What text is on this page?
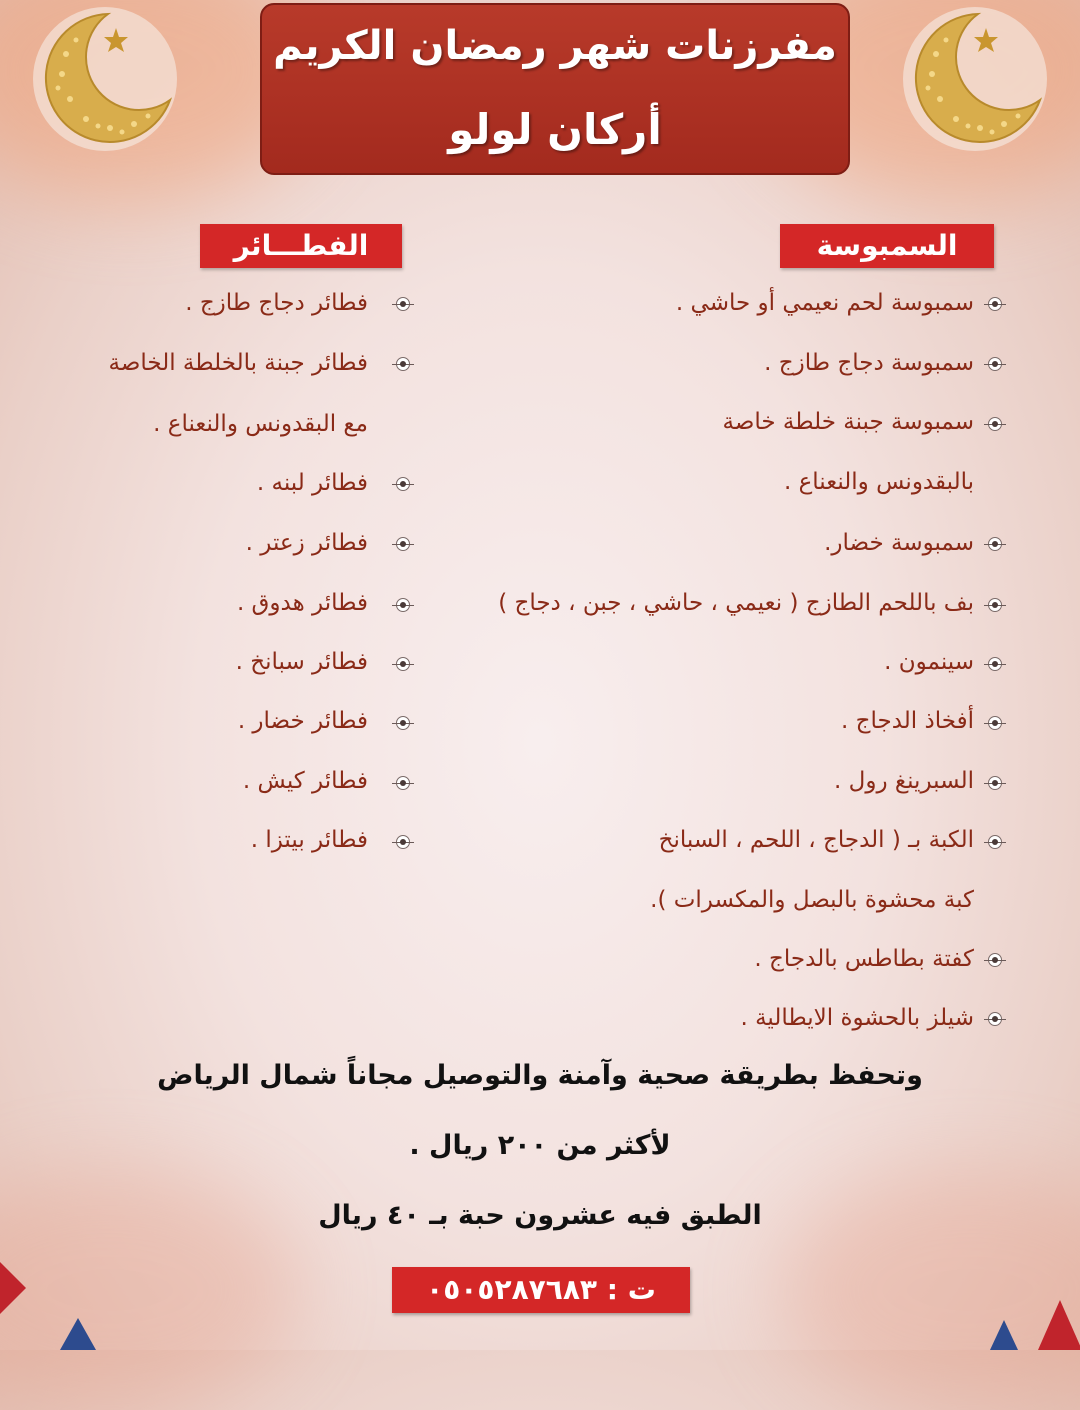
مفرزنات شهر رمضان الكريم
أركان لولو
السمبوسة
الفطـــائر
سمبوسة لحم نعيمي أو حاشي .
سمبوسة دجاج طازج .
سمبوسة جبنة خلطة خاصة
بالبقدونس والنعناع .
سمبوسة خضار.
بف باللحم الطازج ( نعيمي ، حاشي ، جبن ، دجاج )
سينمون .
أفخاذ الدجاج .
السبرينغ رول .
الكبة بـ ( الدجاج ، اللحم ، السبانخ
كبة محشوة بالبصل والمكسرات ).
كفتة بطاطس بالدجاج .
شيلز بالحشوة الايطالية .
فطائر دجاج طازج .
فطائر جبنة بالخلطة الخاصة
مع البقدونس والنعناع .
فطائر لبنه .
فطائر زعتر .
فطائر هدوق .
فطائر سبانخ .
فطائر خضار .
فطائر كيش .
فطائر بيتزا .
وتحفظ بطريقة صحية وآمنة والتوصيل مجاناً شمال الرياض
لأكثر من ٢٠٠ ريال .
الطبق فيه عشرون حبة بـ ٤٠ ريال
ت : ٠٥٠٥٢٨٧٦٨٣
